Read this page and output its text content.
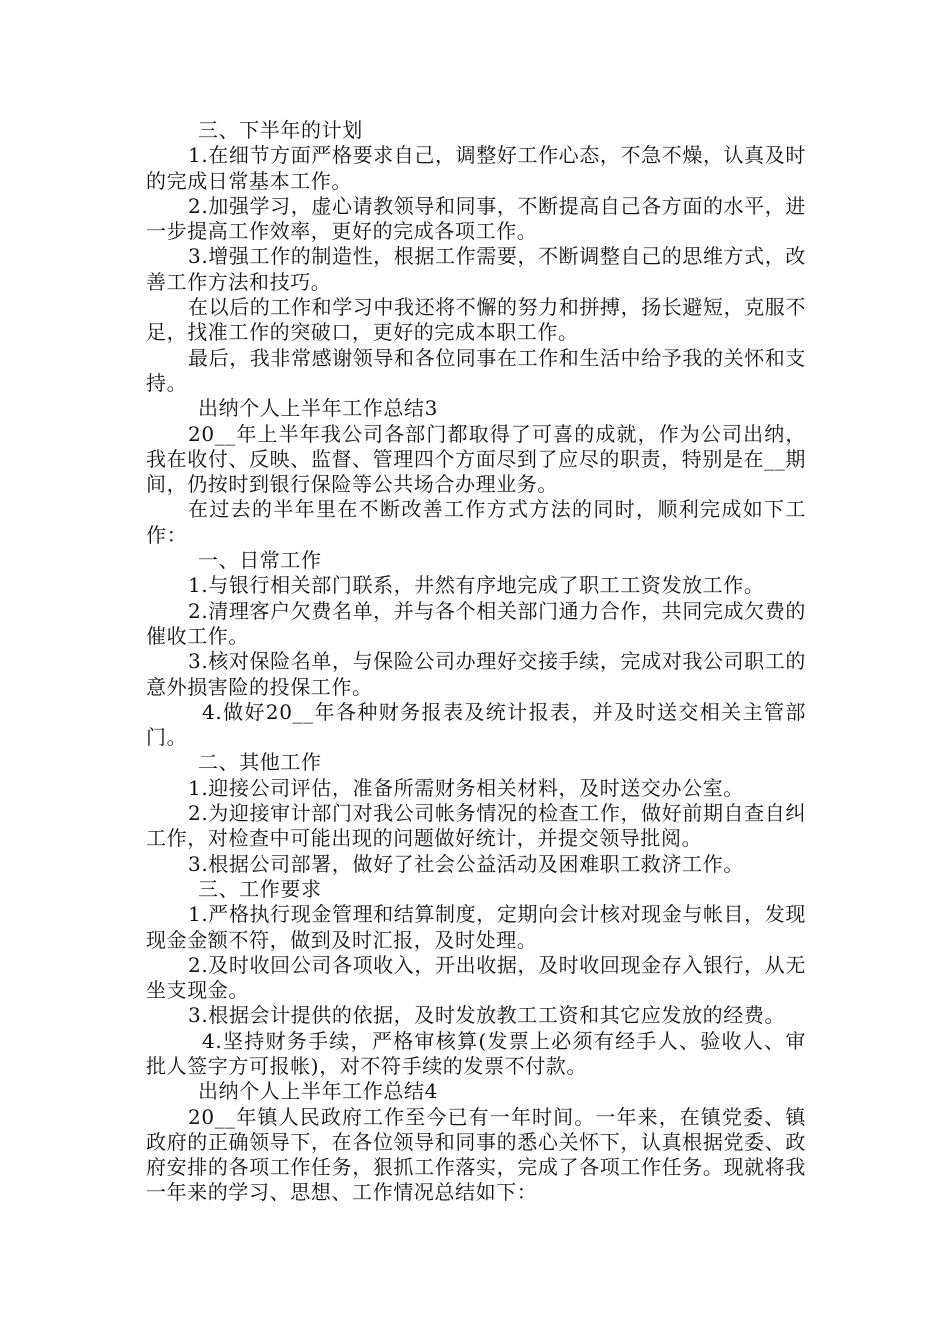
三、下半年的计划

1.在细节方面严格要求自己，调整好工作心态，不急不燥，认真及时的完成日常基本工作。

2.加强学习，虚心请教领导和同事，不断提高自己各方面的水平，进一步提高工作效率，更好的完成各项工作。

3.增强工作的制造性，根据工作需要，不断调整自己的思维方式，改善工作方法和技巧。

在以后的工作和学习中我还将不懈的努力和拼搏，扬长避短，克服不足，找准工作的突破口，更好的完成本职工作。

最后，我非常感谢领导和各位同事在工作和生活中给予我的关怀和支持。

出纳个人上半年工作总结3

20__年上半年我公司各部门都取得了可喜的成就，作为公司出纳，我在收付、反映、监督、管理四个方面尽到了应尽的职责，特别是在__期间，仍按时到银行保险等公共场合办理业务。

在过去的半年里在不断改善工作方式方法的同时，顺利完成如下工作：

一、日常工作

1.与银行相关部门联系，井然有序地完成了职工工资发放工作。

2.清理客户欠费名单，并与各个相关部门通力合作，共同完成欠费的催收工作。

3.核对保险名单，与保险公司办理好交接手续，完成对我公司职工的意外损害险的投保工作。

4.做好20__年各种财务报表及统计报表，并及时送交相关主管部门。

二、其他工作

1.迎接公司评估，准备所需财务相关材料，及时送交办公室。

2.为迎接审计部门对我公司帐务情况的检查工作，做好前期自查自纠工作，对检查中可能出现的问题做好统计，并提交领导批阅。

3.根据公司部署，做好了社会公益活动及困难职工救济工作。

三、工作要求

1.严格执行现金管理和结算制度，定期向会计核对现金与帐目，发现现金金额不符，做到及时汇报，及时处理。

2.及时收回公司各项收入，开出收据，及时收回现金存入银行，从无坐支现金。

3.根据会计提供的依据，及时发放教工工资和其它应发放的经费。

4.坚持财务手续，严格审核算(发票上必须有经手人、验收人、审批人签字方可报帐)，对不符手续的发票不付款。

出纳个人上半年工作总结4

20__年镇人民政府工作至今已有一年时间。一年来，在镇党委、镇政府的正确领导下，在各位领导和同事的悉心关怀下，认真根据党委、政府安排的各项工作任务，狠抓工作落实，完成了各项工作任务。现就将我一年来的学习、思想、工作情况总结如下：
